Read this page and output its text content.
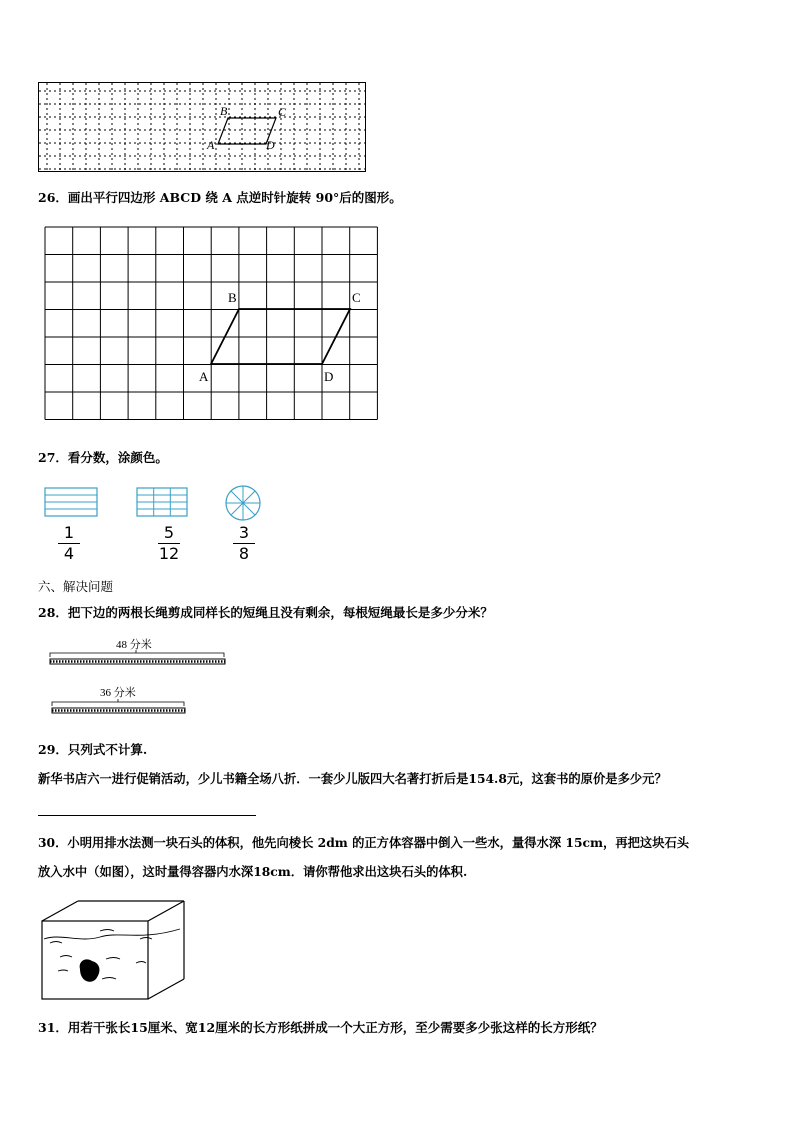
B	C
A	D
26．画出平行四边形 ABCD 绕 A 点逆时针旋转 90°后的图形。
B	C
A	D
27．看分数，涂颜色。
1
4
5
12
3
8
六、解决问题
28．把下边的两根长绳剪成同样长的短绳且没有剩余，每根短绳最长是多少分米？
48 分米
36 分米
29．只列式不计算.
新华书店六一进行促销活动，少儿书籍全场八折．一套少儿版四大名著打折后是154.8元，这套书的原价是多少元？
30．小明用排水法测一块石头的体积，他先向棱长 2dm 的正方体容器中倒入一些水，量得水深 15cm，再把这块石头
放入水中（如图），这时量得容器内水深18cm．请你帮他求出这块石头的体积.
31．用若干张长15厘米、宽12厘米的长方形纸拼成一个大正方形，至少需要多少张这样的长方形纸？
